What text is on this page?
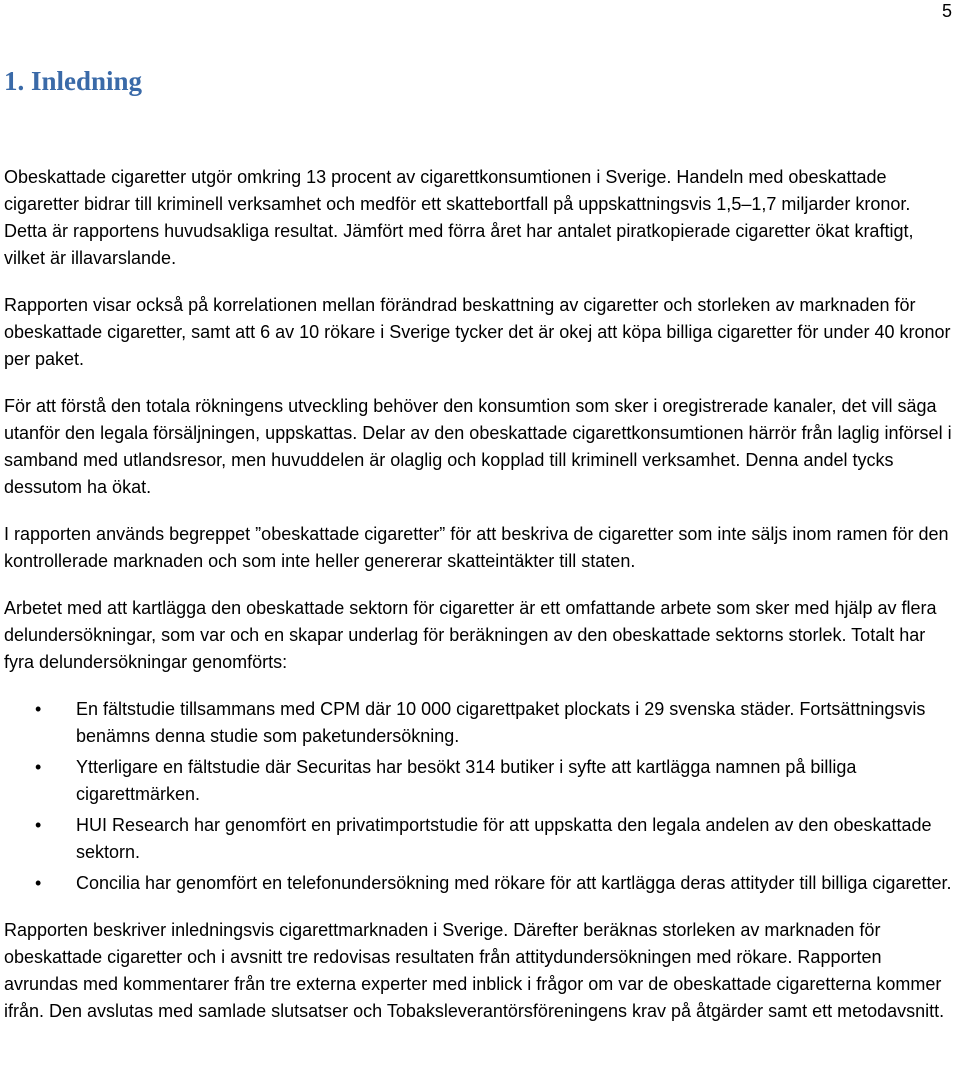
5
1. Inledning

Obeskattade cigaretter utgör omkring 13 procent av cigarettkonsumtionen i Sverige. Handeln med obeskattade cigaretter bidrar till kriminell verksamhet och medför ett skattebortfall på uppskattningsvis 1,5–1,7 miljarder kronor. Detta är rapportens huvudsakliga resultat. Jämfört med förra året har antalet piratkopierade cigaretter ökat kraftigt, vilket är illavarslande.

Rapporten visar också på korrelationen mellan förändrad beskattning av cigaretter och storleken av marknaden för obeskattade cigaretter, samt att 6 av 10 rökare i Sverige tycker det är okej att köpa billiga cigaretter för under 40 kronor per paket.

För att förstå den totala rökningens utveckling behöver den konsumtion som sker i oregistrerade kanaler, det vill säga utanför den legala försäljningen, uppskattas. Delar av den obeskattade cigarettkonsumtionen härrör från laglig införsel i samband med utlandsresor, men huvuddelen är olaglig och kopplad till kriminell verksamhet. Denna andel tycks dessutom ha ökat.

I rapporten används begreppet ”obeskattade cigaretter” för att beskriva de cigaretter som inte säljs inom ramen för den kontrollerade marknaden och som inte heller genererar skatteintäkter till staten.

Arbetet med att kartlägga den obeskattade sektorn för cigaretter är ett omfattande arbete som sker med hjälp av flera delundersökningar, som var och en skapar underlag för beräkningen av den obeskattade sektorns storlek. Totalt har fyra delundersökningar genomförts:

• En fältstudie tillsammans med CPM där 10 000 cigarettpaket plockats i 29 svenska städer. Fortsättningsvis benämns denna studie som paketundersökning.
• Ytterligare en fältstudie där Securitas har besökt 314 butiker i syfte att kartlägga namnen på billiga cigarettmärken.
• HUI Research har genomfört en privatimportstudie för att uppskatta den legala andelen av den obeskattade sektorn.
• Concilia har genomfört en telefonundersökning med rökare för att kartlägga deras attityder till billiga cigaretter.

Rapporten beskriver inledningsvis cigarettmarknaden i Sverige. Därefter beräknas storleken av marknaden för obeskattade cigaretter och i avsnitt tre redovisas resultaten från attitydundersökningen med rökare. Rapporten avrundas med kommentarer från tre externa experter med inblick i frågor om var de obeskattade cigaretterna kommer ifrån. Den avslutas med samlade slutsatser och Tobaksleverantörsföreningens krav på åtgärder samt ett metodavsnitt.
